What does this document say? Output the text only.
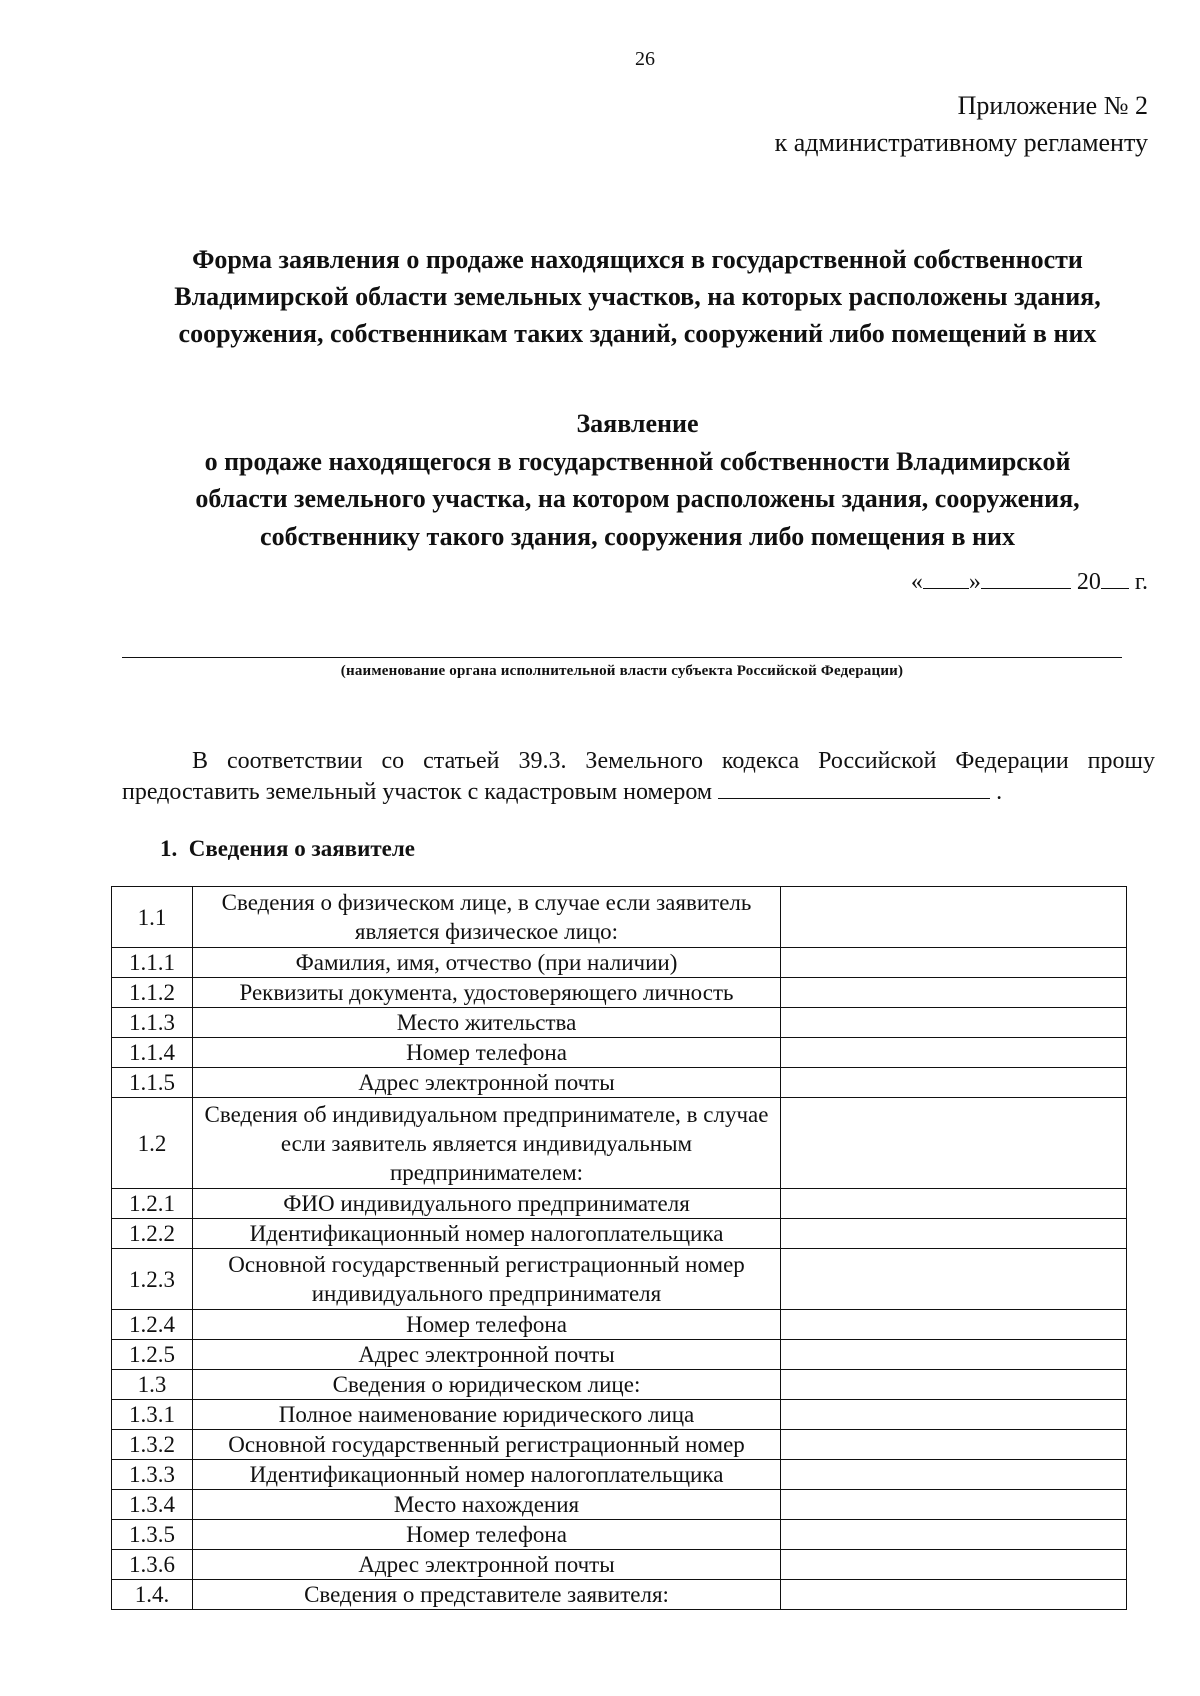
26
Приложение № 2
к административному регламенту
Форма заявления о продаже находящихся в государственной собственности
Владимирской области земельных участков, на которых расположены здания,
сооружения, собственникам таких зданий, сооружений либо помещений в них
Заявление
о продаже находящегося в государственной собственности Владимирской
области земельного участка, на котором расположены здания, сооружения,
собственнику такого здания, сооружения либо помещения в них
« »	20 г.
(наименование органа исполнительной власти субъекта Российской Федерации)
В соответствии со статьей 39.3. Земельного кодекса Российской Федерации прошу
предоставить земельный участок с кадастровым номером	.
1. Сведения о заявителе
1.1	Сведения о физическом лице, в случае если заявитель является физическое лицо:	
1.1.1	Фамилия, имя, отчество (при наличии)	
1.1.2	Реквизиты документа, удостоверяющего личность	
1.1.3	Место жительства	
1.1.4	Номер телефона	
1.1.5	Адрес электронной почты	
1.2	Сведения об индивидуальном предпринимателе, в случае если заявитель является индивидуальным предпринимателем:	
1.2.1	ФИО индивидуального предпринимателя	
1.2.2	Идентификационный номер налогоплательщика	
1.2.3	Основной государственный регистрационный номер индивидуального предпринимателя	
1.2.4	Номер телефона	
1.2.5	Адрес электронной почты	
1.3	Сведения о юридическом лице:	
1.3.1	Полное наименование юридического лица	
1.3.2	Основной государственный регистрационный номер	
1.3.3	Идентификационный номер налогоплательщика	
1.3.4	Место нахождения	
1.3.5	Номер телефона	
1.3.6	Адрес электронной почты	
1.4.	Сведения о представителе заявителя:	
